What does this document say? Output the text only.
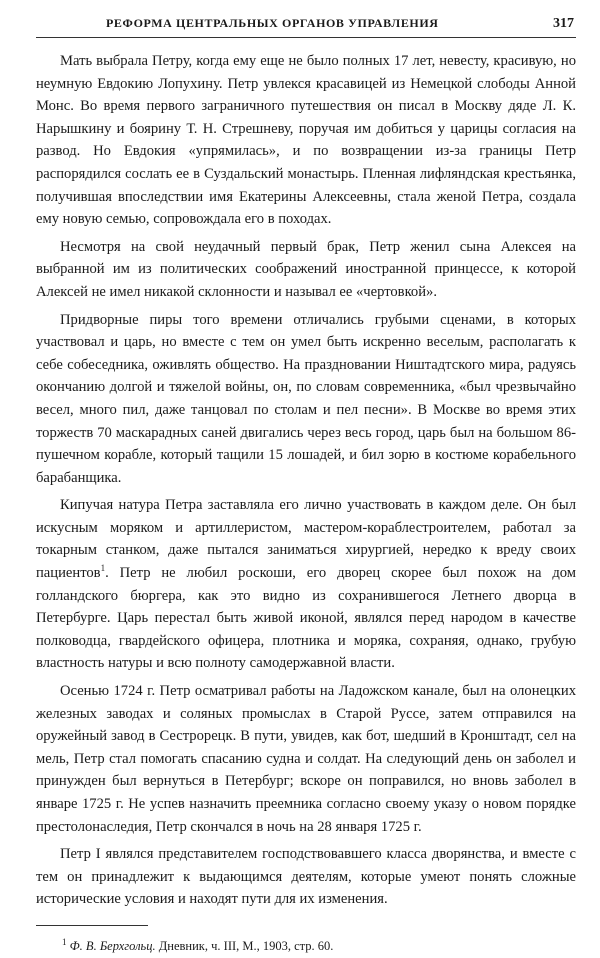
РЕФОРМА ЦЕНТРАЛЬНЫХ ОРГАНОВ УПРАВЛЕНИЯ	317

Мать выбрала Петру, когда ему еще не было полных 17 лет, невесту, красивую, но неумную Евдокию Лопухину. Петр увлекся красавицей из Немецкой слободы Анной Монс. Во время первого заграничного путешествия он писал в Москву дяде Л. К. Нарышкину и боярину Т. Н. Стрешневу, поручая им добиться у царицы согласия на развод. Но Евдокия «упрямилась», и по возвращении из-за границы Петр распорядился сослать ее в Суздальский монастырь. Пленная лифляндская крестьянка, получившая впоследствии имя Екатерины Алексеевны, стала женой Петра, создала ему новую семью, сопровождала его в походах.

Несмотря на свой неудачный первый брак, Петр женил сына Алексея на выбранной им из политических соображений иностранной принцессе, к которой Алексей не имел никакой склонности и называл ее «чертовкой».

Придворные пиры того времени отличались грубыми сценами, в которых участвовал и царь, но вместе с тем он умел быть искренно веселым, располагать к себе собеседника, оживлять общество. На праздновании Ништадтского мира, радуясь окончанию долгой и тяжелой войны, он, по словам современника, «был чрезвычайно весел, много пил, даже танцовал по столам и пел песни». В Москве во время этих торжеств 70 маскарадных саней двигались через весь город, царь был на большом 86-пушечном корабле, который тащили 15 лошадей, и бил зорю в костюме корабельного барабанщика.

Кипучая натура Петра заставляла его лично участвовать в каждом деле. Он был искусным моряком и артиллеристом, мастером-кораблестроителем, работал за токарным станком, даже пытался заниматься хирургией, нередко к вреду своих пациентов$^1$. Петр не любил роскоши, его дворец скорее был похож на дом голландского бюргера, как это видно из сохранившегося Летнего дворца в Петербурге. Царь перестал быть живой иконой, являлся перед народом в качестве полководца, гвардейского офицера, плотника и моряка, сохраняя, однако, грубую властность натуры и всю полноту самодержавной власти.

Осенью 1724 г. Петр осматривал работы на Ладожском канале, был на олонецких железных заводах и соляных промыслах в Старой Руссе, затем отправился на оружейный завод в Сестрорецк. В пути, увидев, как бот, шедший в Кронштадт, сел на мель, Петр стал помогать спасанию судна и солдат. На следующий день он заболел и принужден был вернуться в Петербург; вскоре он поправился, но вновь заболел в январе 1725 г. Не успев назначить преемника согласно своему указу о новом порядке престолонаследия, Петр скончался в ночь на 28 января 1725 г.

Петр I являлся представителем господствовавшего класса дворянства, и вместе с тем он принадлежит к выдающимся деятелям, которые умеют понять сложные исторические условия и находят пути для их изменения.

$^1$ Ф. В. Берхгольц. Дневник, ч. III, М., 1903, стр. 60.
